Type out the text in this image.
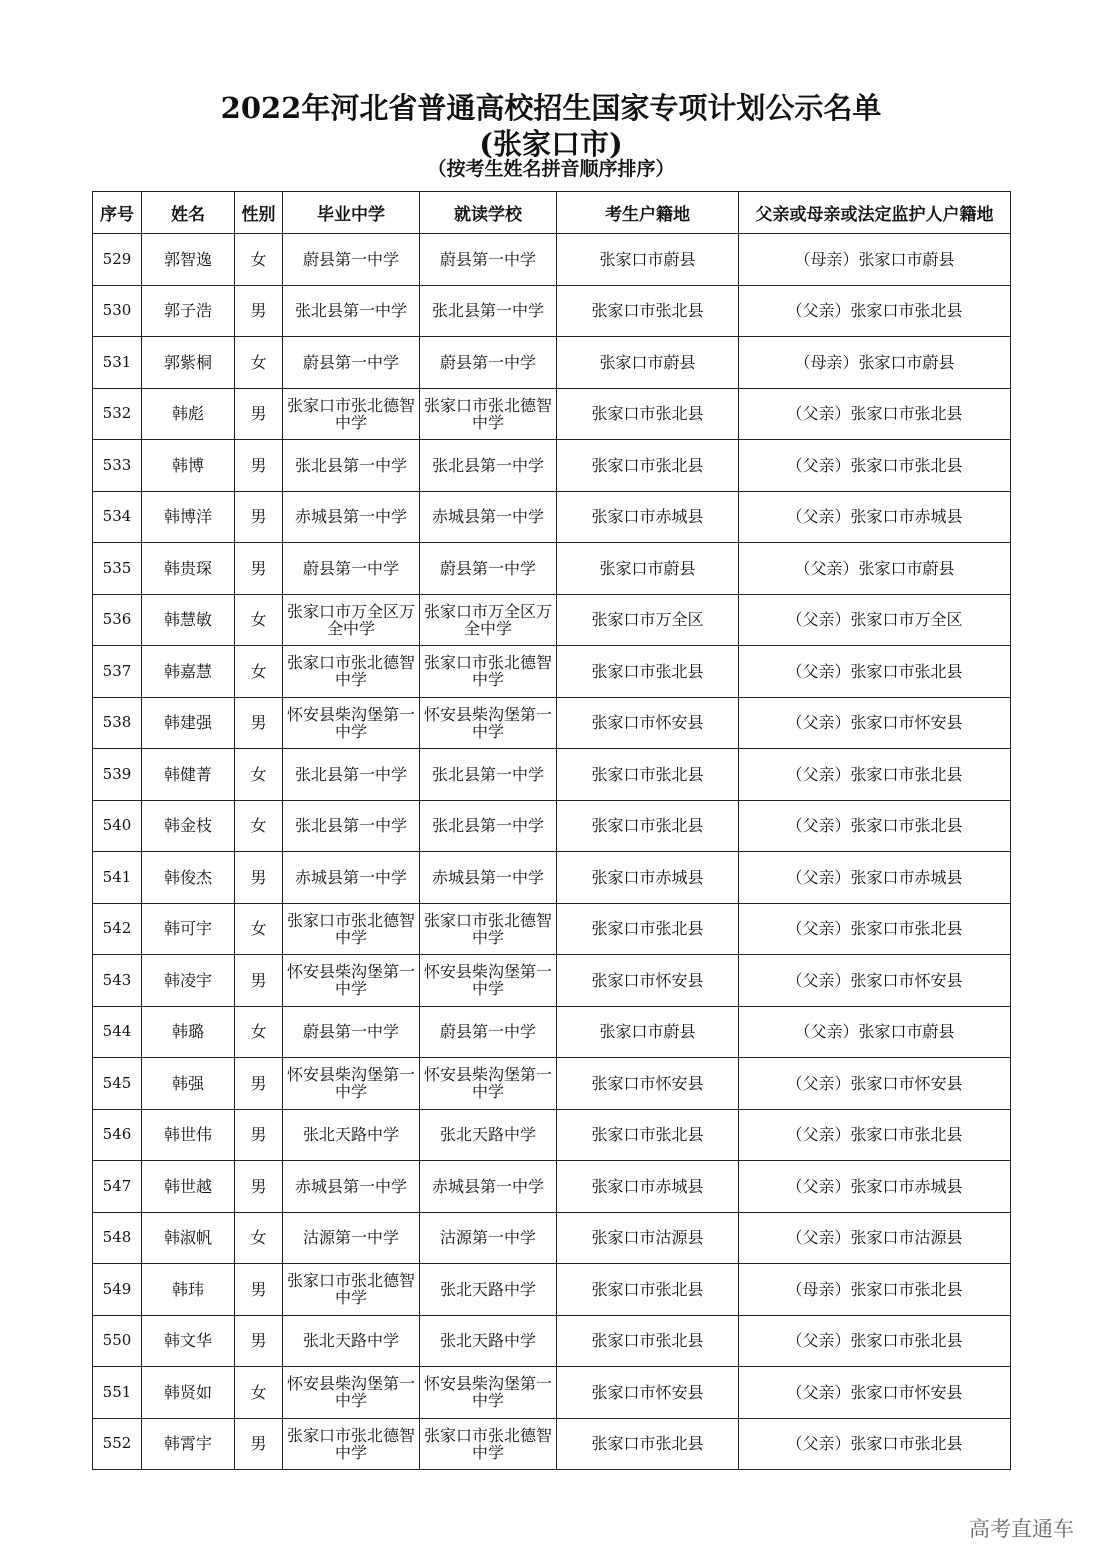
2022年河北省普通高校招生国家专项计划公示名单
(张家口市)
（按考生姓名拼音顺序排序）
序号	姓名	性别	毕业中学	就读学校	考生户籍地	父亲或母亲或法定监护人户籍地
529	郭智逸	女	蔚县第一中学	蔚县第一中学	张家口市蔚县	（母亲）张家口市蔚县
530	郭子浩	男	张北县第一中学	张北县第一中学	张家口市张北县	（父亲）张家口市张北县
531	郭紫桐	女	蔚县第一中学	蔚县第一中学	张家口市蔚县	（母亲）张家口市蔚县
532	韩彪	男	张家口市张北德智中学	张家口市张北德智中学	张家口市张北县	（父亲）张家口市张北县
533	韩博	男	张北县第一中学	张北县第一中学	张家口市张北县	（父亲）张家口市张北县
534	韩博洋	男	赤城县第一中学	赤城县第一中学	张家口市赤城县	（父亲）张家口市赤城县
535	韩贵琛	男	蔚县第一中学	蔚县第一中学	张家口市蔚县	（父亲）张家口市蔚县
536	韩慧敏	女	张家口市万全区万全中学	张家口市万全区万全中学	张家口市万全区	（父亲）张家口市万全区
537	韩嘉慧	女	张家口市张北德智中学	张家口市张北德智中学	张家口市张北县	（父亲）张家口市张北县
538	韩建强	男	怀安县柴沟堡第一中学	怀安县柴沟堡第一中学	张家口市怀安县	（父亲）张家口市怀安县
539	韩健菁	女	张北县第一中学	张北县第一中学	张家口市张北县	（父亲）张家口市张北县
540	韩金枝	女	张北县第一中学	张北县第一中学	张家口市张北县	（父亲）张家口市张北县
541	韩俊杰	男	赤城县第一中学	赤城县第一中学	张家口市赤城县	（父亲）张家口市赤城县
542	韩可宇	女	张家口市张北德智中学	张家口市张北德智中学	张家口市张北县	（父亲）张家口市张北县
543	韩凌宇	男	怀安县柴沟堡第一中学	怀安县柴沟堡第一中学	张家口市怀安县	（父亲）张家口市怀安县
544	韩璐	女	蔚县第一中学	蔚县第一中学	张家口市蔚县	（父亲）张家口市蔚县
545	韩强	男	怀安县柴沟堡第一中学	怀安县柴沟堡第一中学	张家口市怀安县	（父亲）张家口市怀安县
546	韩世伟	男	张北天路中学	张北天路中学	张家口市张北县	（父亲）张家口市张北县
547	韩世越	男	赤城县第一中学	赤城县第一中学	张家口市赤城县	（父亲）张家口市赤城县
548	韩淑帆	女	沽源第一中学	沽源第一中学	张家口市沽源县	（父亲）张家口市沽源县
549	韩玮	男	张家口市张北德智中学	张北天路中学	张家口市张北县	（母亲）张家口市张北县
550	韩文华	男	张北天路中学	张北天路中学	张家口市张北县	（父亲）张家口市张北县
551	韩贤如	女	怀安县柴沟堡第一中学	怀安县柴沟堡第一中学	张家口市怀安县	（父亲）张家口市怀安县
552	韩霄宇	男	张家口市张北德智中学	张家口市张北德智中学	张家口市张北县	（父亲）张家口市张北县
高考直通车
